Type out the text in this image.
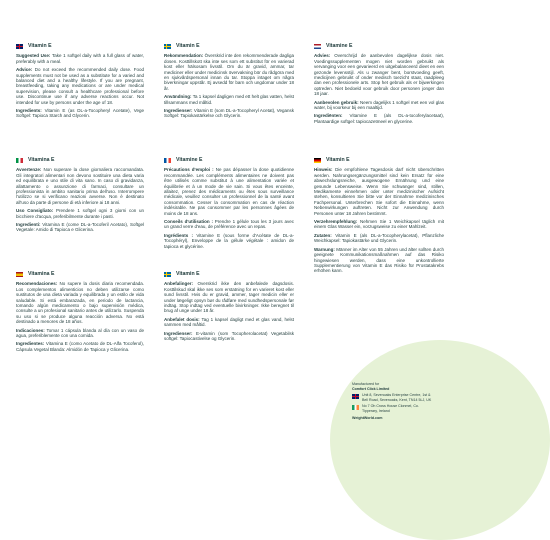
Vitamin E

Suggested Use: Take 1 softgel daily with a full glass of water, preferably with a meal.

Advice: Do not exceed the recommended daily dose. Food supplements must not be used as a substitute for a varied and balanced diet and a healthy lifestyle. If you are pregnant, breastfeeding, taking any medications or are under medical supervision, please consult a healthcare professional before use. Discontinue use if any adverse reactions occur. Not intended for use by persons under the age of 18.

Ingredients: Vitamin E (as DL-a-Tocopheryl Acetate), Vege Softgel: Tapioca Starch and Glycerin.

Vitamin E

Rekommendation: Överskrid inte den rekommenderade dagliga dosen. Kosttillskott ska inte ses som ett substitut för en varierad kost eller hälsosam livsstil. Om du är gravid, ammar, tar mediciner eller under medicinsk övervakning bör du rådgöra med en sjukvårdspersonal innan du tar. Stoppa intaget om några biverkningar uppstår. Ej avsedd för barn och ungdomar under 18 år.

Användning: Ta 1 kapsel dagligen med ett helt glas vatten, helst tillsammans med måltid.

Ingredienser: Vitamin E (som DL-a-Tocopheryl Acetat), Vegansk Softgel: Tapiokastärkelse och Glycerin.

Vitamine E

Advies: Overschrijd de aanbevolen dagelijkse dosis niet. Voedingssupplementen mogen niet worden gebruikt als vervanging voor een gevarieerd en uitgebalanceerd dieet en een gezonde levensstijl. Als u zwanger bent, borstvoeding geeft, medicijnen gebruikt of onder medisch toezicht staat, raadpleeg dan een professionele arts. Stop het gebruik als er bijwerkingen optreden. Niet bedoeld voor gebruik door personen jonger dan 18 jaar.

Aanbevolen gebruik: Neem dagelijks 1 softgel met een vol glas water, bij voorkeur bij een maaltijd.

Ingrediënten: Vitamine E (als DL-a-tocoferylacetaat), Plantaardige softgel: tapiocazetmeel en glycerine.

Vitamina E

Avvertenze: Non superare la dose giornaliera raccomandata. Gli integratori alimentari non devono sostituire una dieta varia ed equilibrata e uno stile di vita sano. In caso di gravidanza, allattamento o assunzione di farmaci, consultare un professionista in ambito sanitario prima dell'uso. Interrompere l'utilizzo se si verificano reazioni avverse. Non è destinato all'uso da parte di persone di età inferiore ai 18 anni.

Uso Consigliato: Prendere 1 softgel ogni 3 giorni con un bicchiere d'acqua, preferibilmente durante i pasti.

Ingredienti: Vitamina E (come DL-a-Tocoferil Acetato), Softgel Vegetale: Amido di Tapioca e Glicerina.

Vitamine E

Précautions d'emploi : Ne pas dépasser la dose quotidienne recommandée. Les compléments alimentaires ne doivent pas être utilisés comme substitut à une alimentation variée et équilibrée et à un mode de vie sain. Si vous êtes enceinte, allaitez, prenez des médicaments ou êtes sous surveillance médicale, veuillez consulter un professionnel de la santé avant consommation. Cesser la consommation en cas de réaction indésirable. Ne pas consommer par les personnes âgées de moins de 18 ans.

Conseils d'utilisation : Prendre 1 gélule tous les 3 jours avec un grand verre d'eau, de préférence avec un repas.

Ingrédients : Vitamine E (sous forme d'Acétate de DL-a-Tocophéryl), Enveloppe de la gélule végétale : amidon de tapioca et glycérine.

Vitamin E

Hinweis: Die empfohlene Tagesdosis darf nicht überschritten werden. Nahrungsergänzungsmittel sind kein Ersatz für eine abwechslungsreiche, ausgewogene Ernährung und eine gesunde Lebensweise. Wenn Sie schwanger sind, stillen, Medikamente einnehmen oder unter medizinischer Aufsicht stehen, konsultieren Sie bitte vor der Einnahme medizinisches Fachpersonal. Unterbrechen Sie sofort die Einnahme, wenn Nebenwirkungen auftreten. Nicht zur Anwendung durch Personen unter 18 Jahren bestimmt.

Verzehrempfehlung: Nehmen Sie 1 Weichkapsel täglich mit einem Glas Wasser ein, vorzugsweise zu einer Mahlzeit.

Zutaten: Vitamin E (als DL-a-Tocopherylacetat), Pflanzliche Weichkapsel: Tapiokastärke und Glycerin.

Warnung: Männer im Alter von 55 Jahren und älter sollten durch geeignete Kommunikationsmaßnahmen auf das Risiko hingewiesen werden, dass eine unkontrollierte Supplementierung von Vitamin E das Risiko für Prostatakrebs erhöhen kann.

Vitamina E

Recomendaciones: No supere la dosis diaria recomendada. Los complementos alimenticios no deben utilizarse como sustitutos de una dieta variada y equilibrada y un estilo de vida saludable. Si está embarazada, en periodo de lactancia, tomando algún medicamento o bajo supervisión médica, consulte a un profesional sanitario antes de utilizarlo. Suspenda su uso si se produce alguna reacción adversa. No está destinado a menores de 18 años.

Indicaciones: Tomar 1 cápsula blanda al día con un vaso de agua, preferiblemente con una comida.

Ingredientes: Vitamina E (como Acetato de DL-Alfa Tocoferol), Cápsula Vegetal Blanda: Almidón de Tapioca y Glicerina.

Vitamin E

Anbefalinger: Overskrid ikke den anbefalede dagsdosis. Kosttilskud skal ikke ses som erstatning for en varieret kost eller sund livsstil. Hvis du er gravid, ammer, tager medicin eller er under lægeligt opsyn bør du rådføre med sundhedspersonale før indtag. Stop indtag ved eventuelle bivirkninger. Ikke beregnet til brug af unge under 18 år.

Anbefalet dosis: Tag 1 kapsel dagligt med et glas vand, helst sammen med måltid.

Ingredienser: E-vitamin (som Tocopherolacetat) Vegetabilsk softgel: Tapiocastivelse og Glycerin.

Manufactured for
Comfort Click Limited
Unit 8, Sevenoaks Enterprise Centre, 1st & Bell Road, Sevenoaks, Kent, TN14 5LJ, UK
No 7 Oh Cross House Clonmel, Co. Tipperary, Ireland
WeightWorld.com
